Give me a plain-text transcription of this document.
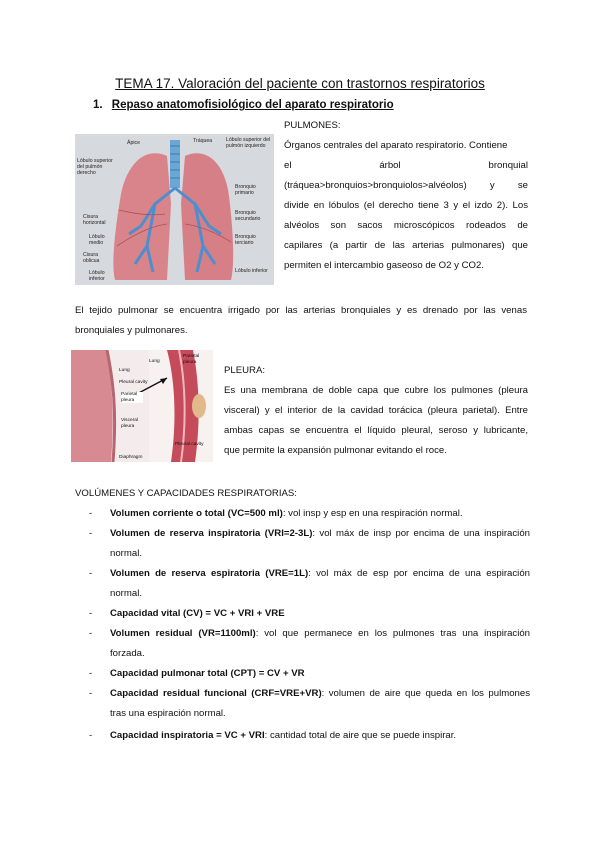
TEMA 17. Valoración del paciente con trastornos respiratorios
1. Repaso anatomofisiológico del aparato respiratorio
Ápice	Tráquea	Lóbulo superior del pulmón izquierdo
Lóbulo superior del pulmón derecho
Bronquio primario
Bronquio secundario
Bronquio terciario
Cisura horizontal
Lóbulo medio
Cisura oblicua
Lóbulo inferior
Lóbulo inferior
PULMONES:
Órganos centrales del aparato respiratorio. Contiene
el	árbol	bronquial
(tráquea>bronquios>bronquiolos>alvéolos) y se
divide en lóbulos (el derecho tiene 3 y el izdo 2). Los
alvéolos son sacos microscópicos rodeados de
capilares (a partir de las arterias pulmonares) que
permiten el intercambio gaseoso de O2 y CO2.
El tejido pulmonar se encuentra irrigado por las arterias bronquiales y es drenado por las venas
bronquiales y pulmonares.
Lung
Parietal pleura
Lung
Pleural cavity
Parietal pleura
Visceral pleura
Pleural cavity
Diaphragm
PLEURA:
Es una membrana de doble capa que cubre los pulmones (pleura
visceral) y el interior de la cavidad torácica (pleura parietal). Entre
ambas capas se encuentra el líquido pleural, seroso y lubricante,
que permite la expansión pulmonar evitando el roce.
VOLÚMENES Y CAPACIDADES RESPIRATORIAS:
- Volumen corriente o total (VC=500 ml): vol insp y esp en una respiración normal.
- Volumen de reserva inspiratoria (VRI=2-3L): vol máx de insp por encima de una inspiración
normal.
- Volumen de reserva espiratoria (VRE=1L): vol máx de esp por encima de una espiración
normal.
- Capacidad vital (CV) = VC + VRI + VRE
- Volumen residual (VR=1100ml): vol que permanece en los pulmones tras una inspiración
forzada.
- Capacidad pulmonar total (CPT) = CV + VR
- Capacidad residual funcional (CRF=VRE+VR): volumen de aire que queda en los pulmones
tras una espiración normal.
- Capacidad inspiratoria = VC + VRI: cantidad total de aire que se puede inspirar.
